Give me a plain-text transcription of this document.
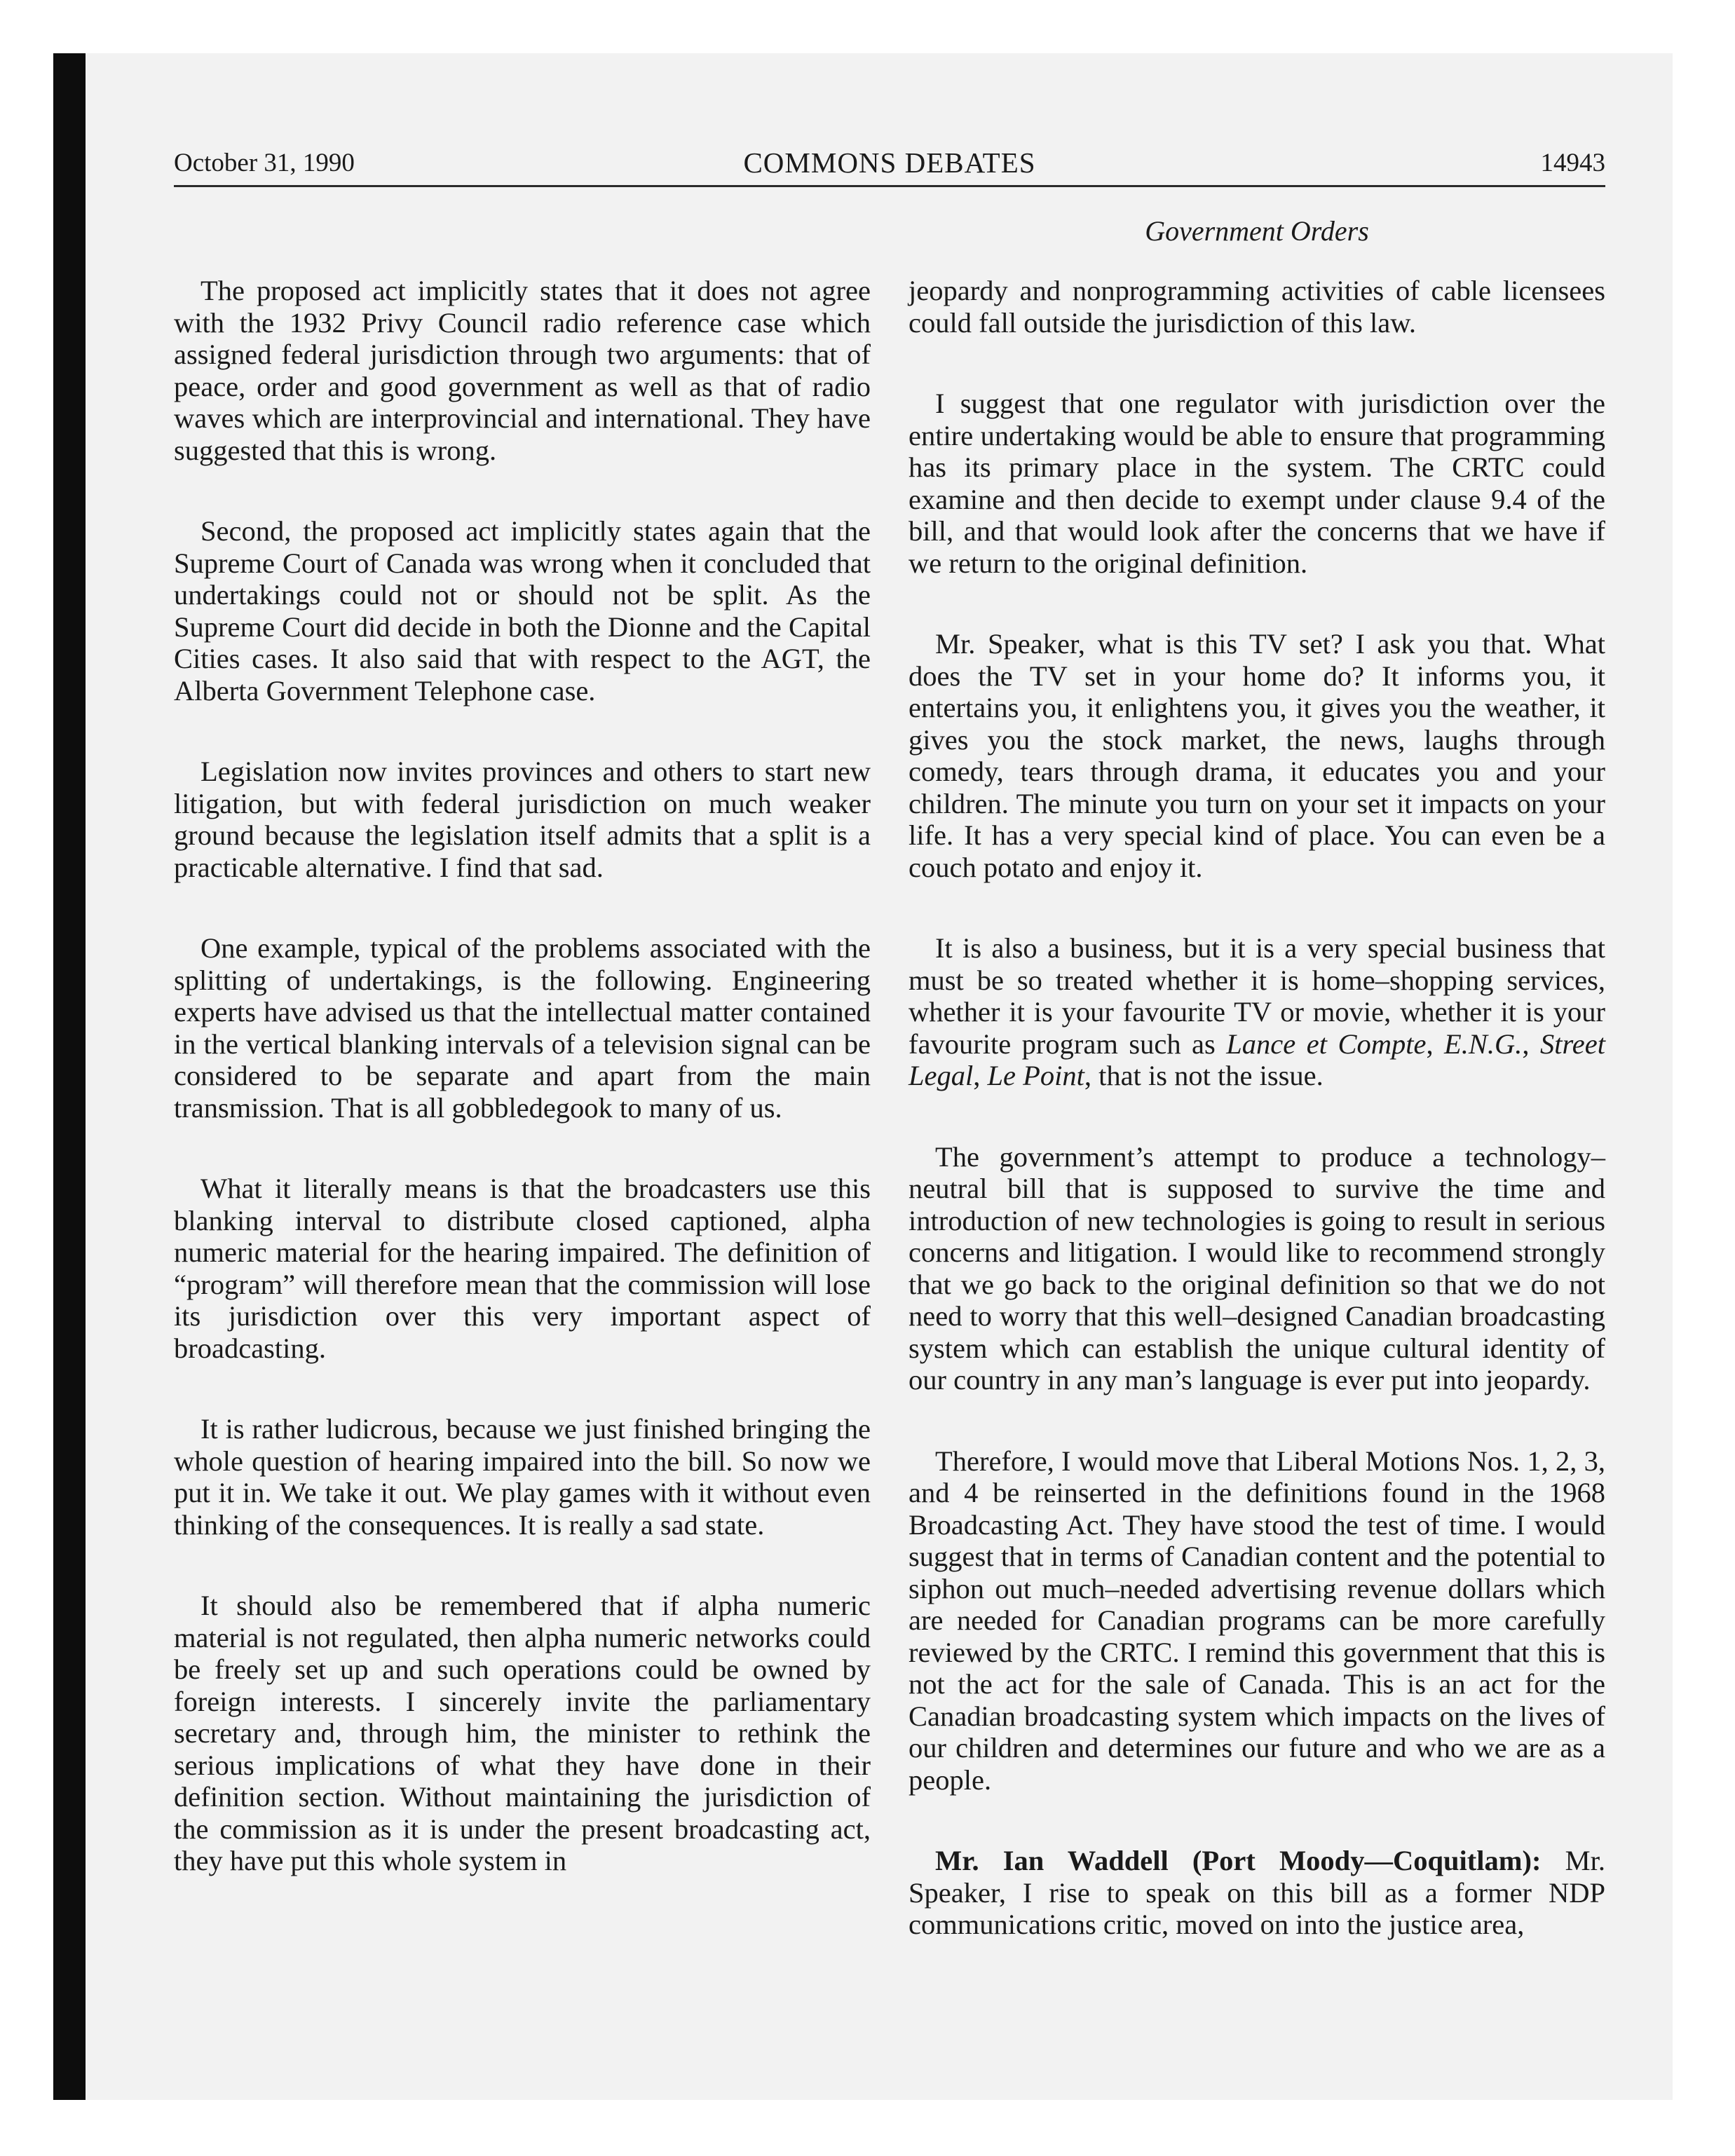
October 31, 1990	COMMONS DEBATES	14943
Government Orders

The proposed act implicitly states that it does not agree with the 1932 Privy Council radio reference case which assigned federal jurisdiction through two arguments: that of peace, order and good government as well as that of radio waves which are interprovincial and international. They have suggested that this is wrong.

Second, the proposed act implicitly states again that the Supreme Court of Canada was wrong when it concluded that undertakings could not or should not be split. As the Supreme Court did decide in both the Dionne and the Capital Cities cases. It also said that with respect to the AGT, the Alberta Government Telephone case.

Legislation now invites provinces and others to start new litigation, but with federal jurisdiction on much weaker ground because the legislation itself admits that a split is a practicable alternative. I find that sad.

One example, typical of the problems associated with the splitting of undertakings, is the following. Engineering experts have advised us that the intellectual matter contained in the vertical blanking intervals of a television signal can be considered to be separate and apart from the main transmission. That is all gobbledegook to many of us.

What it literally means is that the broadcasters use this blanking interval to distribute closed captioned, alpha numeric material for the hearing impaired. The definition of “program” will therefore mean that the commission will lose its jurisdiction over this very important aspect of broadcasting.

It is rather ludicrous, because we just finished bringing the whole question of hearing impaired into the bill. So now we put it in. We take it out. We play games with it without even thinking of the consequences. It is really a sad state.

It should also be remembered that if alpha numeric material is not regulated, then alpha numeric networks could be freely set up and such operations could be owned by foreign interests. I sincerely invite the parliamentary secretary and, through him, the minister to rethink the serious implications of what they have done in their definition section. Without maintaining the jurisdiction of the commission as it is under the present broadcasting act, they have put this whole system in

jeopardy and nonprogramming activities of cable licensees could fall outside the jurisdiction of this law.

I suggest that one regulator with jurisdiction over the entire undertaking would be able to ensure that programming has its primary place in the system. The CRTC could examine and then decide to exempt under clause 9.4 of the bill, and that would look after the concerns that we have if we return to the original definition.

Mr. Speaker, what is this TV set? I ask you that. What does the TV set in your home do? It informs you, it entertains you, it enlightens you, it gives you the weather, it gives you the stock market, the news, laughs through comedy, tears through drama, it educates you and your children. The minute you turn on your set it impacts on your life. It has a very special kind of place. You can even be a couch potato and enjoy it.

It is also a business, but it is a very special business that must be so treated whether it is home–shopping services, whether it is your favourite TV or movie, whether it is your favourite program such as Lance et Compte, E.N.G., Street Legal, Le Point, that is not the issue.

The government’s attempt to produce a technology–neutral bill that is supposed to survive the time and introduction of new technologies is going to result in serious concerns and litigation. I would like to recommend strongly that we go back to the original definition so that we do not need to worry that this well–designed Canadian broadcasting system which can establish the unique cultural identity of our country in any man’s language is ever put into jeopardy.

Therefore, I would move that Liberal Motions Nos. 1, 2, 3, and 4 be reinserted in the definitions found in the 1968 Broadcasting Act. They have stood the test of time. I would suggest that in terms of Canadian content and the potential to siphon out much–needed advertising revenue dollars which are needed for Canadian programs can be more carefully reviewed by the CRTC. I remind this government that this is not the act for the sale of Canada. This is an act for the Canadian broadcasting system which impacts on the lives of our children and determines our future and who we are as a people.

Mr. Ian Waddell (Port Moody—Coquitlam): Mr. Speaker, I rise to speak on this bill as a former NDP communications critic, moved on into the justice area,
